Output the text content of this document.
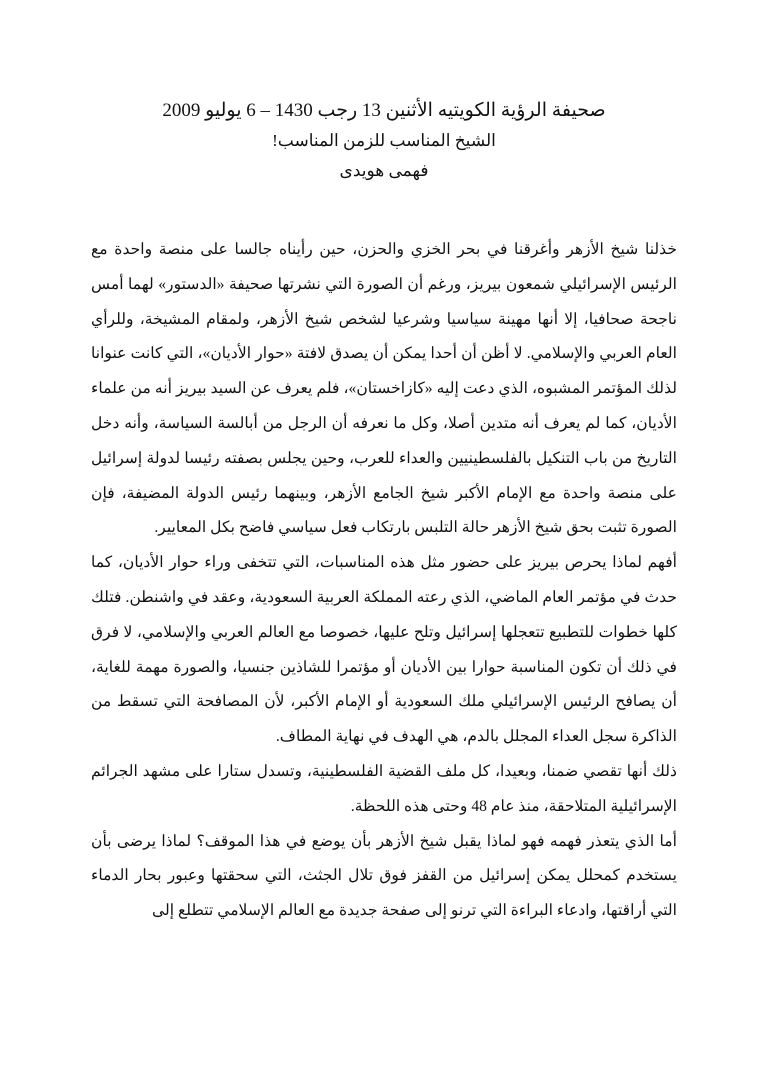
صحيفة الرؤية الكويتيه الأثنين 13 رجب 1430 – 6 يوليو 2009

الشيخ المناسب للزمن المناسب!

فهمى هويدى

خذلنا شيخ الأزهر وأغرقنا في بحر الخزي والحزن، حين رأيناه جالسا على منصة واحدة مع الرئيس الإسرائيلي شمعون بيريز، ورغم أن الصورة التي نشرتها صحيفة «الدستور» لهما أمس ناجحة صحافيا، إلا أنها مهينة سياسيا وشرعيا لشخص شيخ الأزهر، ولمقام المشيخة، وللرأي العام العربي والإسلامي. لا أظن أن أحدا يمكن أن يصدق لافتة «حوار الأديان»، التي كانت عنوانا لذلك المؤتمر المشبوه، الذي دعت إليه «كازاخستان»، فلم يعرف عن السيد بيريز أنه من علماء الأديان، كما لم يعرف أنه متدين أصلا، وكل ما نعرفه أن الرجل من أبالسة السياسة، وأنه دخل التاريخ من باب التنكيل بالفلسطينيين والعداء للعرب، وحين يجلس بصفته رئيسا لدولة إسرائيل على منصة واحدة مع الإمام الأكبر شيخ الجامع الأزهر، وبينهما رئيس الدولة المضيفة، فإن الصورة تثبت بحق شيخ الأزهر حالة التلبس بارتكاب فعل سياسي فاضح بكل المعايير.

أفهم لماذا يحرص بيريز على حضور مثل هذه المناسبات، التي تتخفى وراء حوار الأديان، كما حدث في مؤتمر العام الماضي، الذي رعته المملكة العربية السعودية، وعقد في واشنطن. فتلك كلها خطوات للتطبيع تتعجلها إسرائيل وتلح عليها، خصوصا مع العالم العربي والإسلامي، لا فرق في ذلك أن تكون المناسبة حوارا بين الأديان أو مؤتمرا للشاذين جنسيا، والصورة مهمة للغاية، أن يصافح الرئيس الإسرائيلي ملك السعودية أو الإمام الأكبر، لأن المصافحة التي تسقط من الذاكرة سجل العداء المجلل بالدم، هي الهدف في نهاية المطاف.

ذلك أنها تقصي ضمنا، وبعيدا، كل ملف القضية الفلسطينية، وتسدل ستارا على مشهد الجرائم الإسرائيلية المتلاحقة، منذ عام 48 وحتى هذه اللحظة.

أما الذي يتعذر فهمه فهو لماذا يقبل شيخ الأزهر بأن يوضع في هذا الموقف؟ لماذا يرضى بأن يستخدم كمحلل يمكن إسرائيل من القفز فوق تلال الجثث، التي سحقتها وعبور بحار الدماء التي أراقتها، وادعاء البراءة التي ترنو إلى صفحة جديدة مع العالم الإسلامي تتطلع إلى
